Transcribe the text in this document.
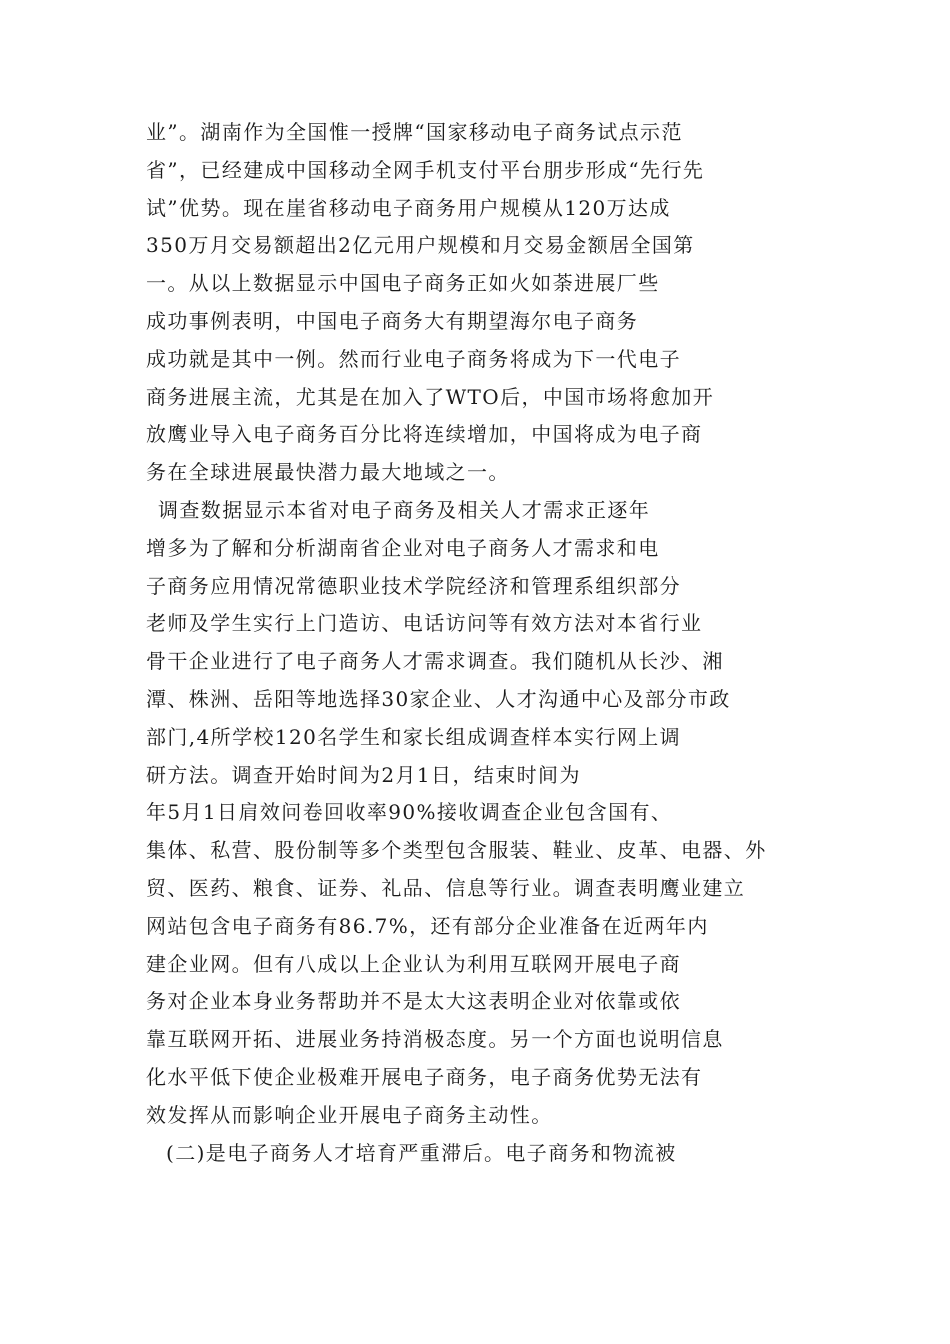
业”。湖南作为全国惟一授牌“国家移动电子商务试点示范
省”，已经建成中国移动全网手机支付平台朋步形成“先行先
试”优势。现在崖省移动电子商务用户规模从120万达成
350万月交易额超出2亿元用户规模和月交易金额居全国第
一。从以上数据显示中国电子商务正如火如荼进展厂些
成功事例表明，中国电子商务大有期望海尔电子商务
成功就是其中一例。然而行业电子商务将成为下一代电子
商务进展主流，尤其是在加入了WTO后，中国市场将愈加开
放鹰业导入电子商务百分比将连续增加，中国将成为电子商
务在全球进展最快潜力最大地域之一。
调查数据显示本省对电子商务及相关人才需求正逐年
增多为了解和分析湖南省企业对电子商务人才需求和电
子商务应用情况常德职业技术学院经济和管理系组织部分
老师及学生实行上门造访、电话访问等有效方法对本省行业
骨干企业进行了电子商务人才需求调查。我们随机从长沙、湘
潭、株洲、岳阳等地选择30家企业、人才沟通中心及部分市政
部门,4所学校120名学生和家长组成调查样本实行网上调
研方法。调查开始时间为2月1日，结束时间为
年5月1日肩效问卷回收率90%接收调查企业包含国有、
集体、私营、股份制等多个类型包含服装、鞋业、皮革、电器、外
贸、医药、粮食、证券、礼品、信息等行业。调查表明鹰业建立
网站包含电子商务有86.7%，还有部分企业准备在近两年内
建企业网。但有八成以上企业认为利用互联网开展电子商
务对企业本身业务帮助并不是太大这表明企业对依靠或依
靠互联网开拓、进展业务持消极态度。另一个方面也说明信息
化水平低下使企业极难开展电子商务，电子商务优势无法有
效发挥从而影响企业开展电子商务主动性。
(二)是电子商务人才培育严重滞后。电子商务和物流被
